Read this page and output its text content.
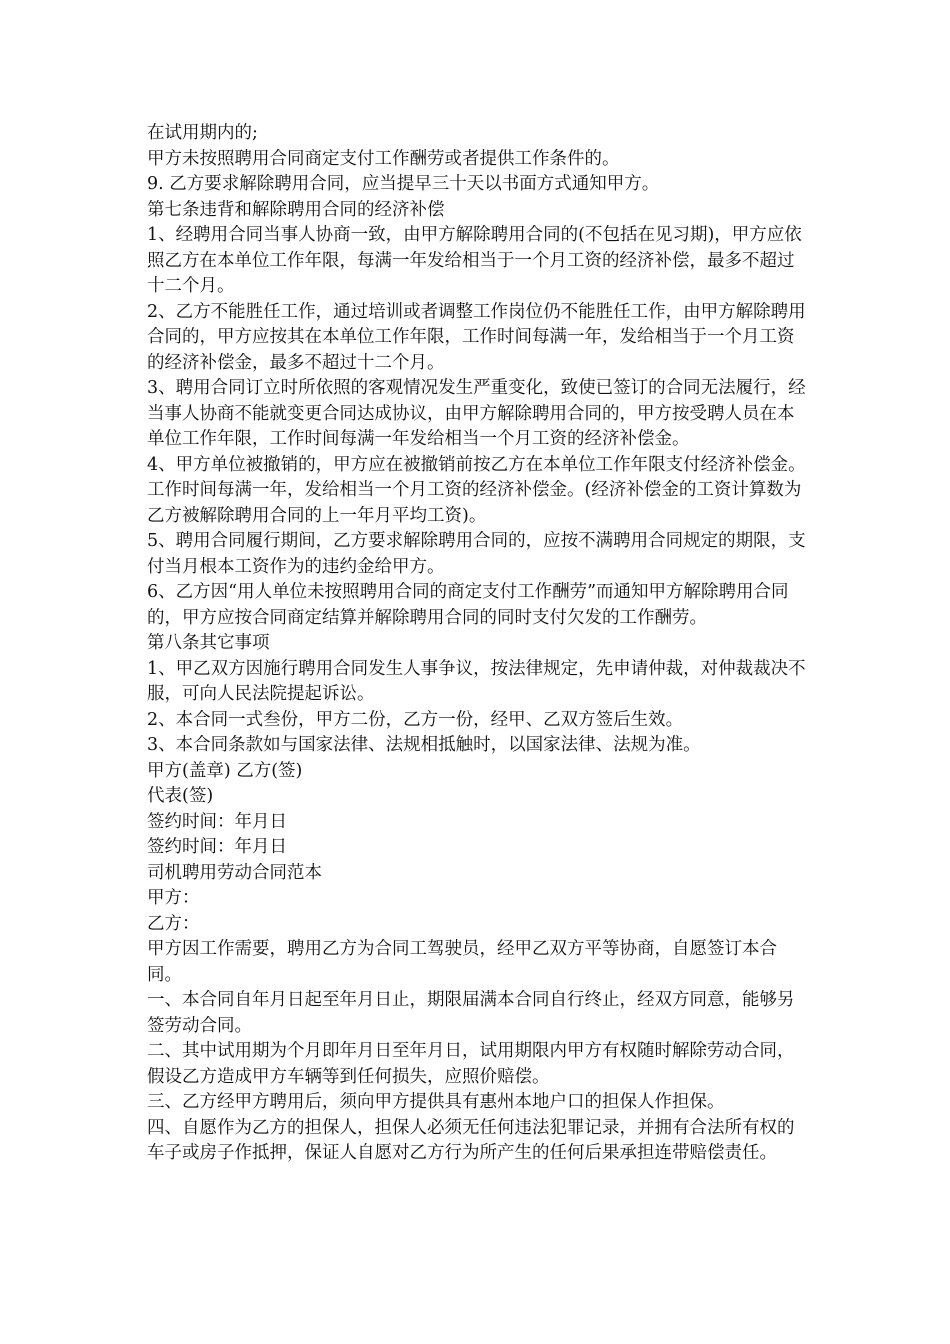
在试用期内的;

甲方未按照聘用合同商定支付工作酬劳或者提供工作条件的。

9. 乙方要求解除聘用合同，应当提早三十天以书面方式通知甲方。

第七条违背和解除聘用合同的经济补偿

1、经聘用合同当事人协商一致，由甲方解除聘用合同的(不包括在见习期)，甲方应依照乙方在本单位工作年限，每满一年发给相当于一个月工资的经济补偿，最多不超过十二个月。

2、乙方不能胜任工作，通过培训或者调整工作岗位仍不能胜任工作，由甲方解除聘用合同的，甲方应按其在本单位工作年限，工作时间每满一年，发给相当于一个月工资的经济补偿金，最多不超过十二个月。

3、聘用合同订立时所依照的客观情况发生严重变化，致使已签订的合同无法履行，经当事人协商不能就变更合同达成协议，由甲方解除聘用合同的，甲方按受聘人员在本单位工作年限，工作时间每满一年发给相当一个月工资的经济补偿金。

4、甲方单位被撤销的，甲方应在被撤销前按乙方在本单位工作年限支付经济补偿金。工作时间每满一年，发给相当一个月工资的经济补偿金。(经济补偿金的工资计算数为乙方被解除聘用合同的上一年月平均工资)。

5、聘用合同履行期间，乙方要求解除聘用合同的，应按不满聘用合同规定的期限，支付当月根本工资作为的违约金给甲方。

6、乙方因“用人单位未按照聘用合同的商定支付工作酬劳”而通知甲方解除聘用合同的，甲方应按合同商定结算并解除聘用合同的同时支付欠发的工作酬劳。

第八条其它事项

1、甲乙双方因施行聘用合同发生人事争议，按法律规定，先申请仲裁，对仲裁裁决不服，可向人民法院提起诉讼。

2、本合同一式叁份，甲方二份，乙方一份，经甲、乙双方签后生效。

3、本合同条款如与国家法律、法规相抵触时，以国家法律、法规为准。

甲方(盖章) 乙方(签)

代表(签)

签约时间：年月日

签约时间：年月日

司机聘用劳动合同范本

甲方：

乙方：

甲方因工作需要，聘用乙方为合同工驾驶员，经甲乙双方平等协商，自愿签订本合同。

一、本合同自年月日起至年月日止，期限届满本合同自行终止，经双方同意，能够另签劳动合同。

二、其中试用期为个月即年月日至年月日，试用期限内甲方有权随时解除劳动合同，假设乙方造成甲方车辆等到任何损失，应照价赔偿。

三、乙方经甲方聘用后，须向甲方提供具有惠州本地户口的担保人作担保。

四、自愿作为乙方的担保人，担保人必须无任何违法犯罪记录，并拥有合法所有权的车子或房子作抵押，保证人自愿对乙方行为所产生的任何后果承担连带赔偿责任。
